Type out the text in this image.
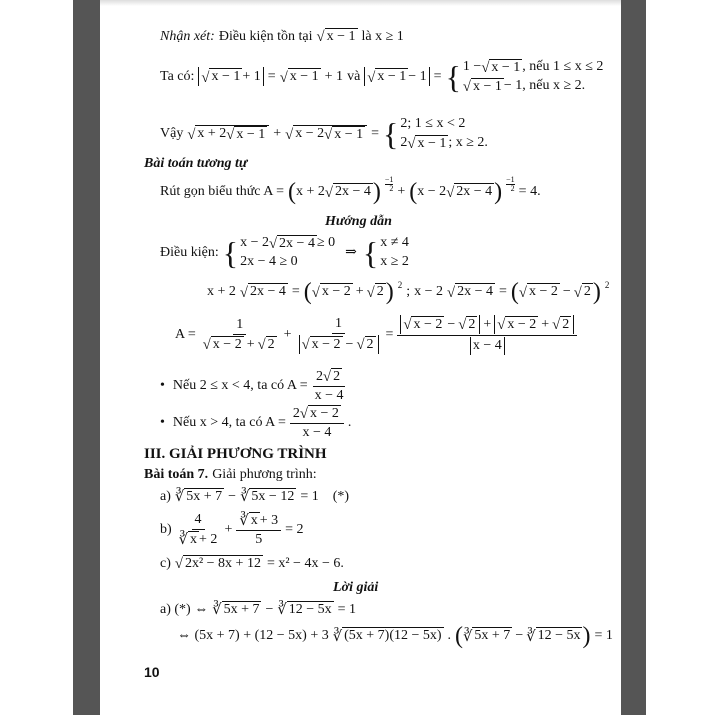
Nhận xét: Điều kiện tồn tại √ x − 1 là x ≥ 1
Ta có: √ x − 1 + 1 = √ x − 1 + 1 và √ x − 1 − 1 =
{ 1 − √ x − 1 , nếu 1 ≤ x ≤ 2
√ x − 1 − 1, nếu x ≥ 2.
Vậy √ x + 2 √ x − 1 + √ x − 2 √ x − 1 =
{ 2; 1 ≤ x < 2
2 √ x − 1 ; x ≥ 2.
Bài toán tương tự
Rút gọn biểu thức A = ( x + 2 √ 2x − 4
)
−1
2 + ( x − 2 √ 2x − 4
) $\frac{-1}{2} = 4$.
Hướng dẫn
Điều kiện:
{ x − 2 √ 2x − 4 ≥ 0
2x − 4 ≥ 0
⇒
{ x ≠ 4
x ≥ 2
x + 2 √ 2x − 4 = √ ( x − 2 + √ 2
) $^2$ ; x − 2 √ 2x − 4 = √ ( x − 2 − √ 2
) $^2$
A = 1
√ x − 2 + √ 2 + 1
√ x − 2 − √ 2 = √ $\frac{x - 2 - √ 2 + √ x - 2 + √ 2}{x - 4}$
• Nếu 2 ≤ x < 4, ta có $A = \frac{2 √ 2}{x - 4}$
• Nếu x > 4, ta có $A = \frac{2 √ x - 2}{x - 4}$ .
III. GIẢI PHƯƠNG TRÌNH
Bài toán 7. Giải phương trình:
a) ∛ 5x + 7 − ∛ 5x − 12 = 1 (*)
b) 4
∛ x + 2 + ∛ $\frac{x + 3}{5} = 2$
c) √ 2x² − 8x + 12 = x² − 4x − 6.
Lời giải
a) (*) ⇔ ∛ 5x + 7 − ∛ 12 − 5x = 1
⇔ (5x + 7) + (12 − 5x) + 3 ∛ (5x + 7)(12 − 5x) . ∛ ( 5x + 7 − ∛ 12 − 5x
) = 1
10
